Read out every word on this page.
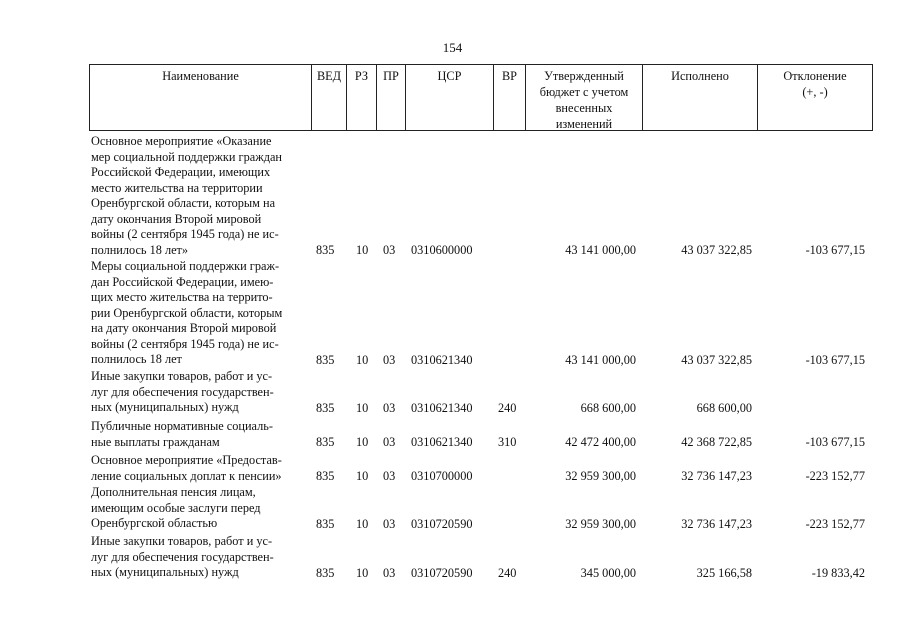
154
Наименование	ВЕД	РЗ	ПР	ЦСР	ВР	Утвержденный
бюджет с учетом
внесенных
изменений
Исполнено	Отклонение
(+, -)
Основное мероприятие «Оказание
мер социальной поддержки граждан
Российской Федерации, имеющих
место жительства на территории
Оренбургской области, которым на
дату окончания Второй мировой
войны (2 сентября 1945 года) не ис-
полнилось 18 лет»	835 10 03 0310600000	43 141 000,00	43 037 322,85	-103 677,15
Меры социальной поддержки граж-
дан Российской Федерации, имею-
щих место жительства на террито-
рии Оренбургской области, которым
на дату окончания Второй мировой
войны (2 сентября 1945 года) не ис-
полнилось 18 лет	835 10 03 0310621340	43 141 000,00	43 037 322,85	-103 677,15
Иные закупки товаров, работ и ус-
луг для обеспечения государствен-
ных (муниципальных) нужд	835 10 03 0310621340 240	668 600,00	668 600,00
Публичные нормативные социаль-
ные выплаты гражданам	835 10 03 0310621340 310	42 472 400,00	42 368 722,85	-103 677,15
Основное мероприятие «Предостав-
ление социальных доплат к пенсии»	835 10 03 0310700000	32 959 300,00	32 736 147,23	-223 152,77
Дополнительная пенсия лицам,
имеющим особые заслуги перед
Оренбургской областью	835 10 03 0310720590	32 959 300,00	32 736 147,23	-223 152,77
Иные закупки товаров, работ и ус-
луг для обеспечения государствен-
ных (муниципальных) нужд	835 10 03 0310720590 240	345 000,00	325 166,58	-19 833,42
